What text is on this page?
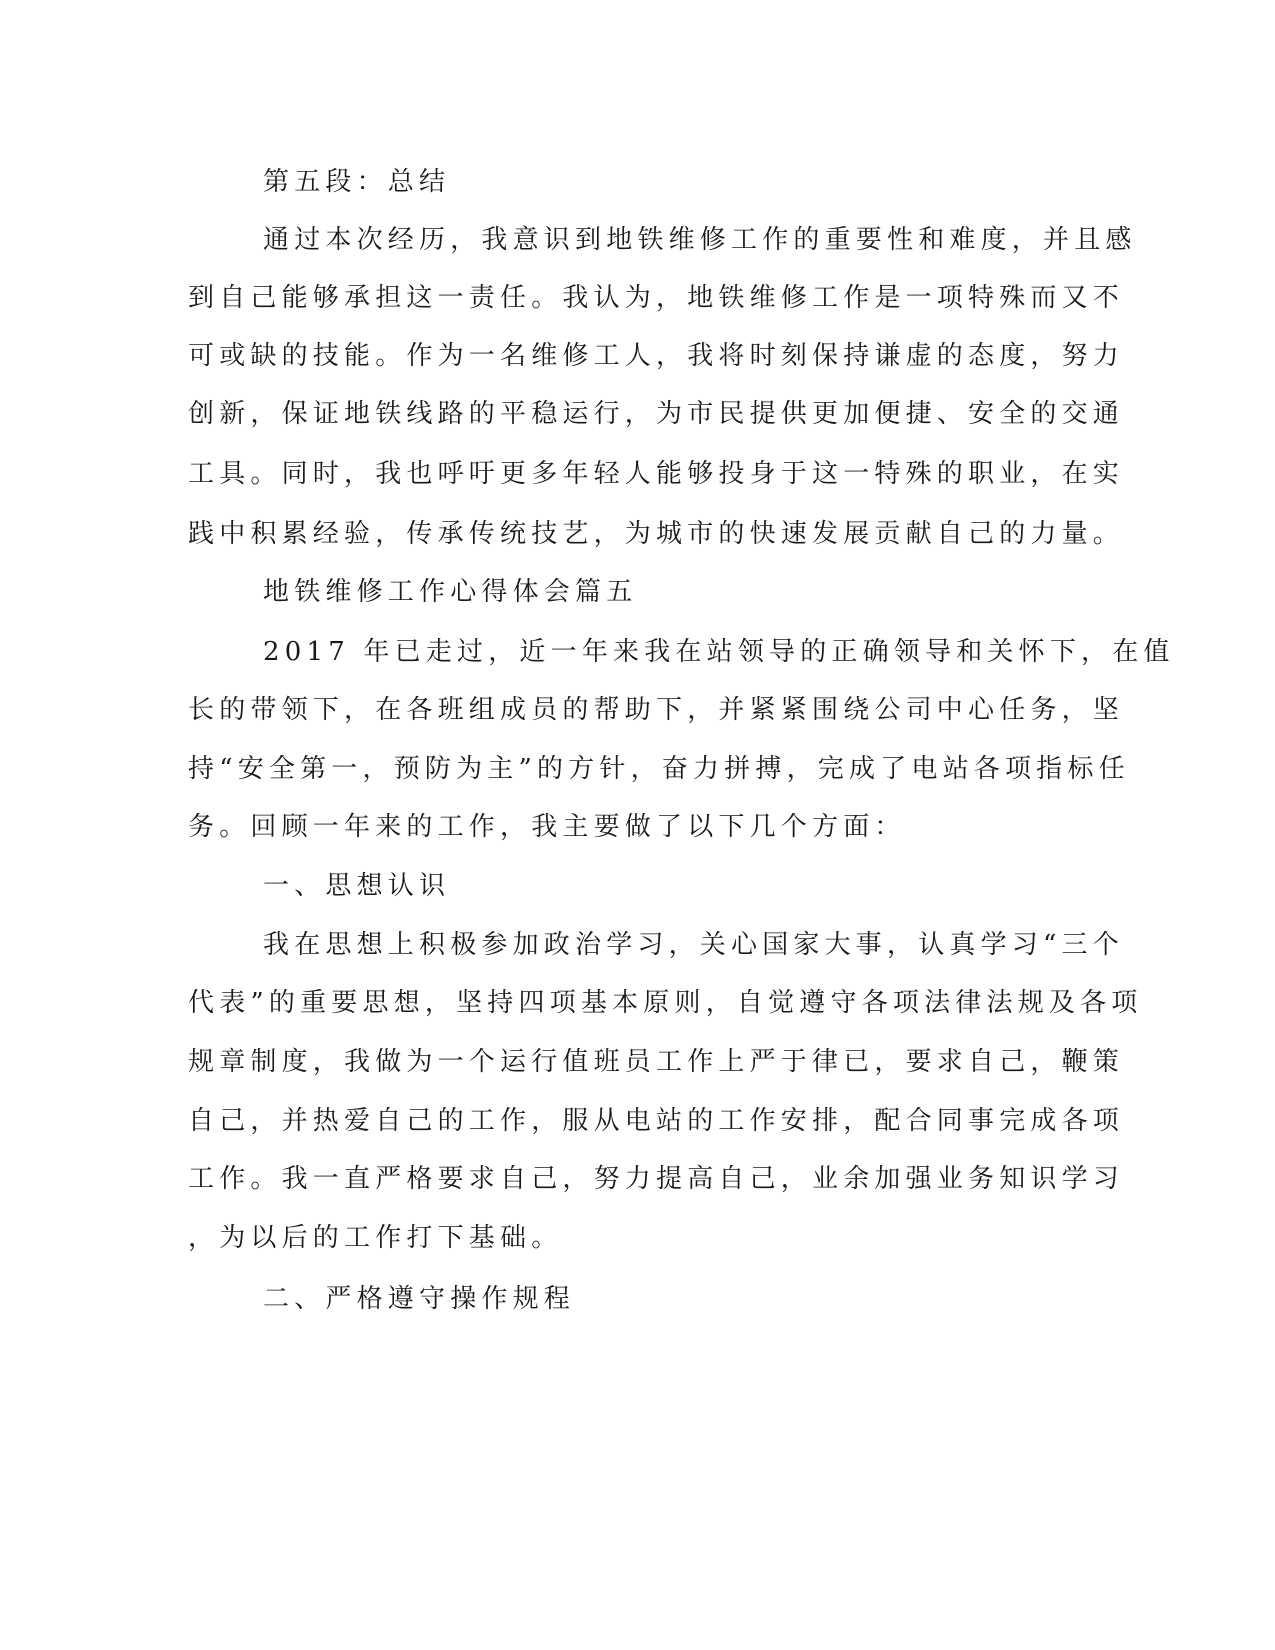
第五段：总结

通过本次经历，我意识到地铁维修工作的重要性和难度，并且感

到自己能够承担这一责任。我认为，地铁维修工作是一项特殊而又不

可或缺的技能。作为一名维修工人，我将时刻保持谦虚的态度，努力

创新，保证地铁线路的平稳运行，为市民提供更加便捷、安全的交通

工具。同时，我也呼吁更多年轻人能够投身于这一特殊的职业，在实

践中积累经验，传承传统技艺，为城市的快速发展贡献自己的力量。

地铁维修工作心得体会篇五

2017 年已走过，近一年来我在站领导的正确领导和关怀下，在值

长的带领下，在各班组成员的帮助下，并紧紧围绕公司中心任务，坚

持“安全第一，预防为主”的方针，奋力拼搏，完成了电站各项指标任

务。回顾一年来的工作，我主要做了以下几个方面：

一、思想认识

我在思想上积极参加政治学习，关心国家大事，认真学习“三个

代表”的重要思想，坚持四项基本原则，自觉遵守各项法律法规及各项

规章制度，我做为一个运行值班员工作上严于律已，要求自己，鞭策

自己，并热爱自己的工作，服从电站的工作安排，配合同事完成各项

工作。我一直严格要求自己，努力提高自己，业余加强业务知识学习

，为以后的工作打下基础。

二、严格遵守操作规程
